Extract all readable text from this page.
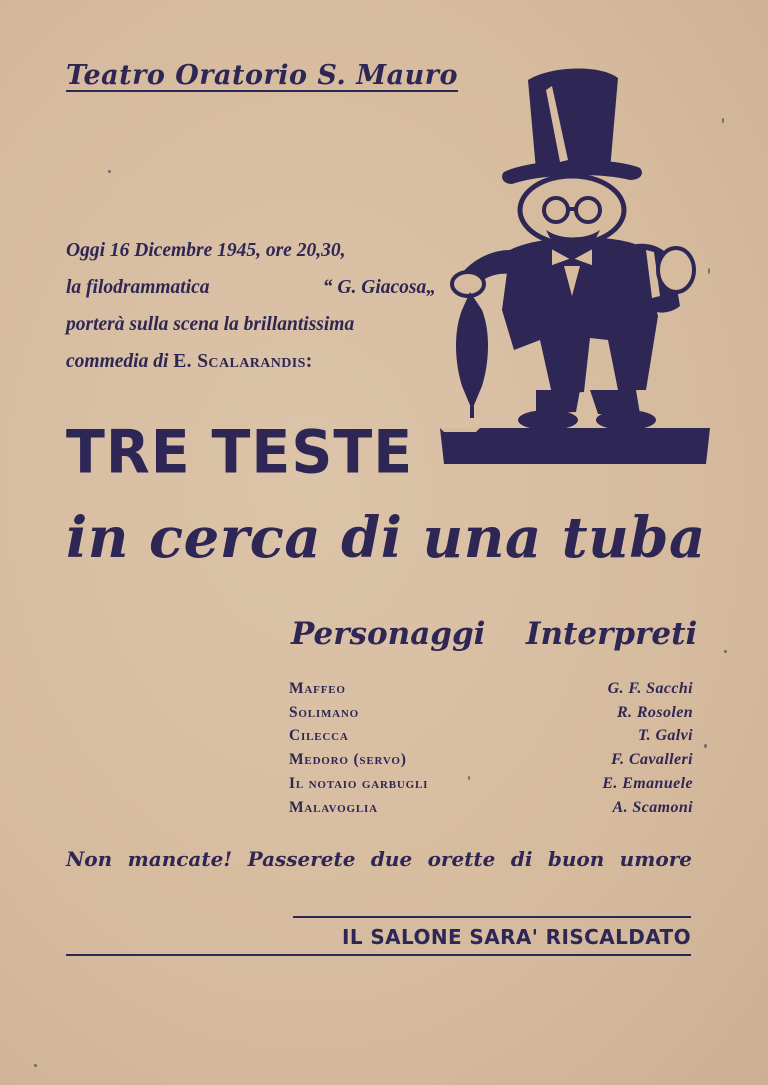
Teatro Oratorio S. Mauro
Oggi 16 Dicembre 1945, ore 20,30,
la filodrammatica	“ G. Giacosa„
porterà sulla scena la brillantissima
commedia di E. Scalarandis:
TRE TESTE
in cerca di una tuba
Personaggi Interpreti
Maffeo	G. F. Sacchi
Solimano	R. Rosolen
Cilecca	T. Galvi
Medoro (servo)	F. Cavalleri
Il notaio garbugli	E. Emanuele
Malavoglia	A. Scamoni
Non mancate! Passerete due orette di buon umore
IL SALONE SARA' RISCALDATO
